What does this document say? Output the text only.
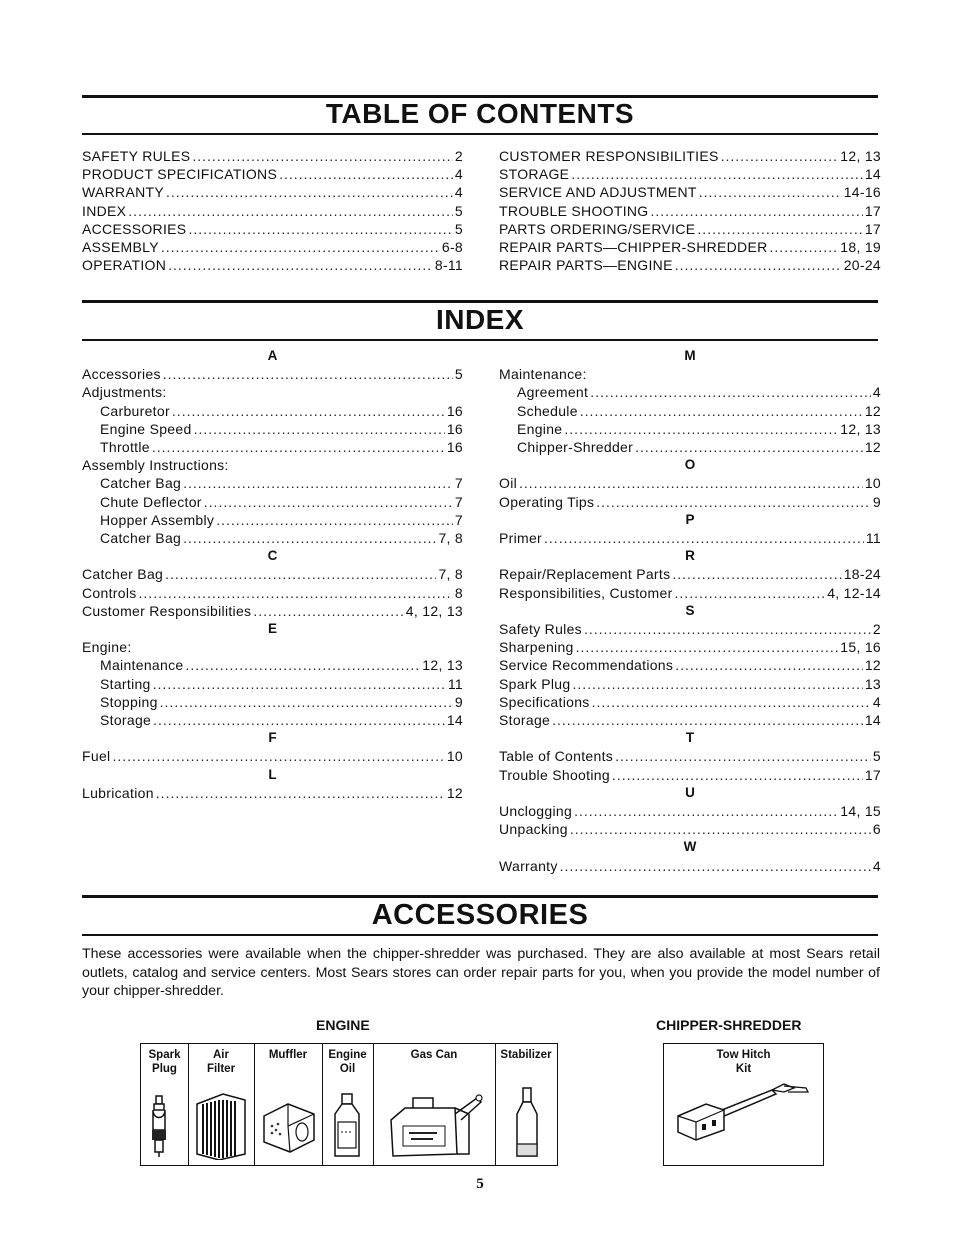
TABLE OF CONTENTS
SAFETY RULES .....	2
PRODUCT SPECIFICATIONS .....	4
WARRANTY .....	4
INDEX .....	5
ACCESSORIES .....	5
ASSEMBLY .....	6-8
OPERATION .....	8-11
CUSTOMER RESPONSIBILITIES .....	12, 13
STORAGE .....	14
SERVICE AND ADJUSTMENT .....	14-16
TROUBLE SHOOTING .....	17
PARTS ORDERING/SERVICE .....	17
REPAIR PARTS—CHIPPER-SHREDDER .....	18, 19
REPAIR PARTS—ENGINE .....	20-24
INDEX
A
Accessories .....	5
Adjustments:
Carburetor .....	16
Engine Speed .....	16
Throttle .....	16
Assembly Instructions:
Catcher Bag .....	7
Chute Deflector .....	7
Hopper Assembly .....	7
Catcher Bag .....	7, 8
C
Catcher Bag .....	7, 8
Controls .....	8
Customer Responsibilities .....	4, 12, 13
E
Engine:
Maintenance .....	12, 13
Starting .....	11
Stopping .....	9
Storage .....	14
F
Fuel .....	10
L
Lubrication .....	12
M
Maintenance:
Agreement .....	4
Schedule .....	12
Engine .....	12, 13
Chipper-Shredder .....	12
O
Oil .....	10
Operating Tips .....	9
P
Primer .....	11
R
Repair/Replacement Parts .....	18-24
Responsibilities, Customer .....	4, 12-14
S
Safety Rules .....	2
Sharpening .....	15, 16
Service Recommendations .....	12
Spark Plug .....	13
Specifications .....	4
Storage .....	14
T
Table of Contents .....	5
Trouble Shooting .....	17
U
Unclogging .....	14, 15
Unpacking .....	6
W
Warranty .....	4
ACCESSORIES
These accessories were available when the chipper-shredder was purchased. They are also available at most Sears retail outlets, catalog and service centers. Most Sears stores can order repair parts for you, when you provide the model number of your chipper-shredder.
ENGINE	CHIPPER-SHREDDER
Spark
Plug
Air
Filter
Muffler	Engine
Oil
Gas Can	Stabilizer	Tow Hitch
Kit
5
